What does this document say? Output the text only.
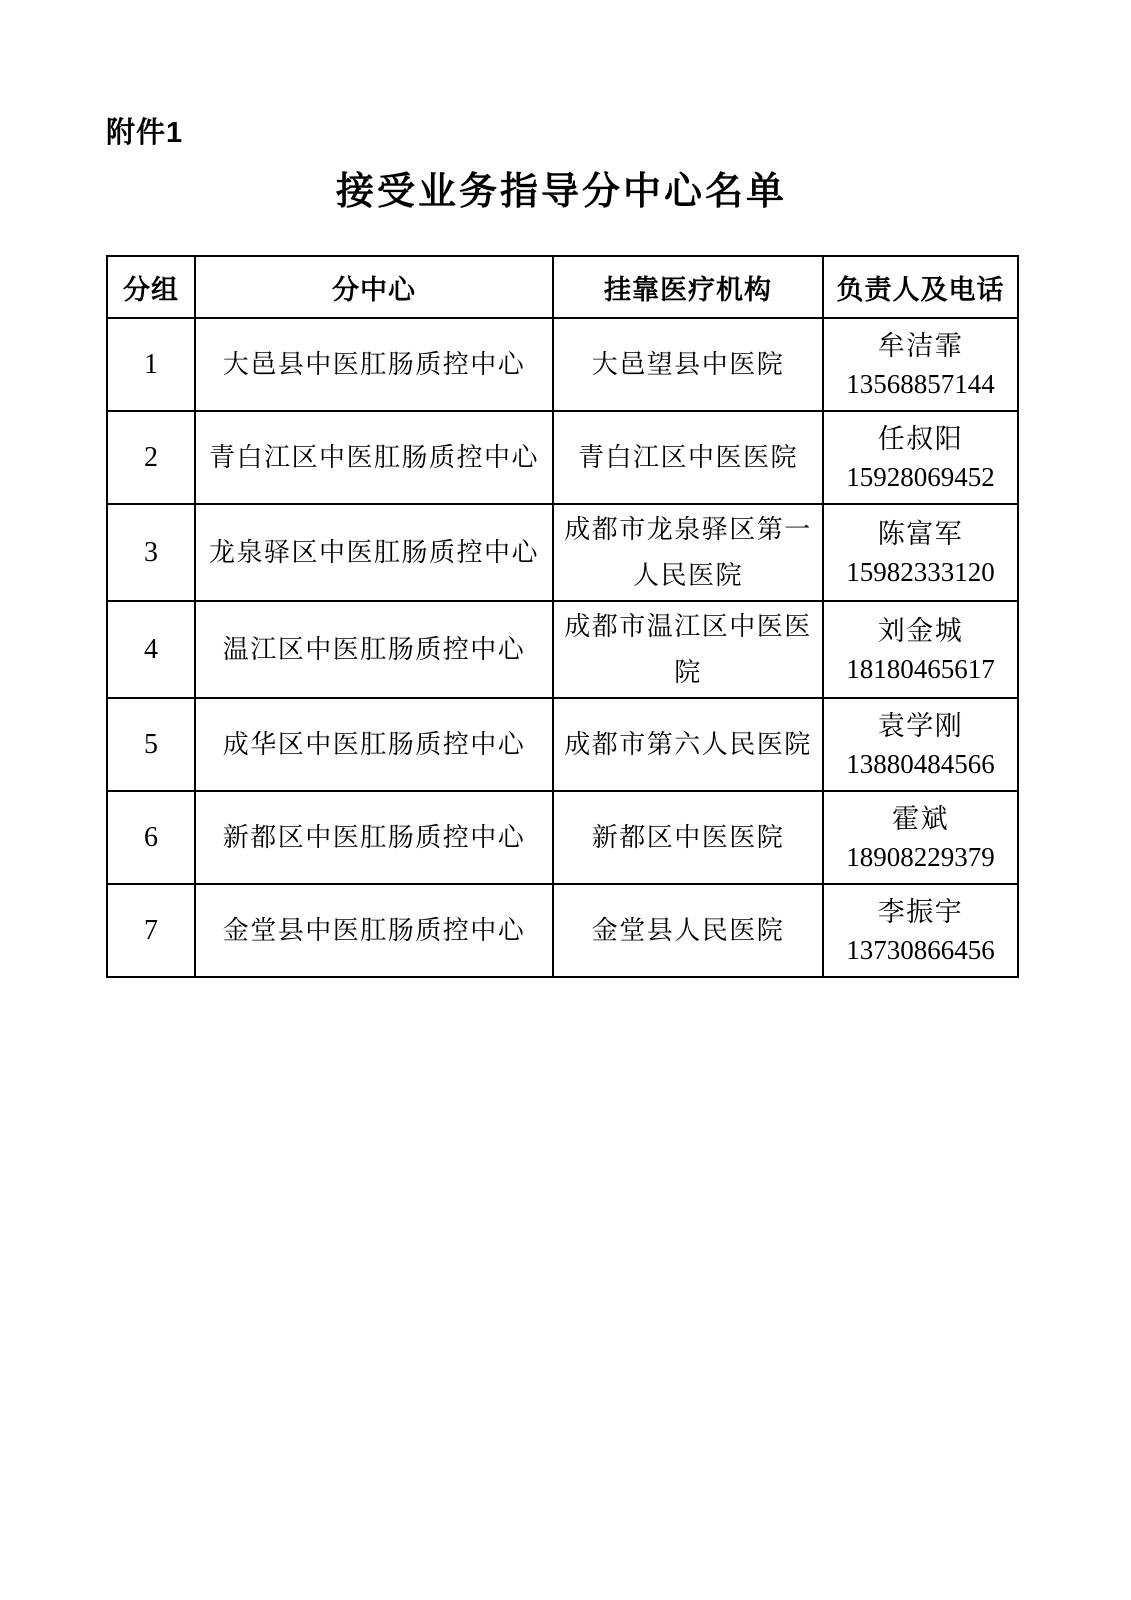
附件1
接受业务指导分中心名单
分组	分中心	挂靠医疗机构	负责人及电话
1	大邑县中医肛肠质控中心	大邑望县中医院	牟洁霏
13568857144

2	青白江区中医肛肠质控中心	青白江区中医医院	任叔阳
15928069452

3	龙泉驿区中医肛肠质控中心	成都市龙泉驿区第一人民医院	陈富军
15982333120

4	温江区中医肛肠质控中心	成都市温江区中医医院	刘金城
18180465617

5	成华区中医肛肠质控中心	成都市第六人民医院	袁学刚
13880484566

6	新都区中医肛肠质控中心	新都区中医医院	霍斌
18908229379

7	金堂县中医肛肠质控中心	金堂县人民医院	李振宇
13730866456
